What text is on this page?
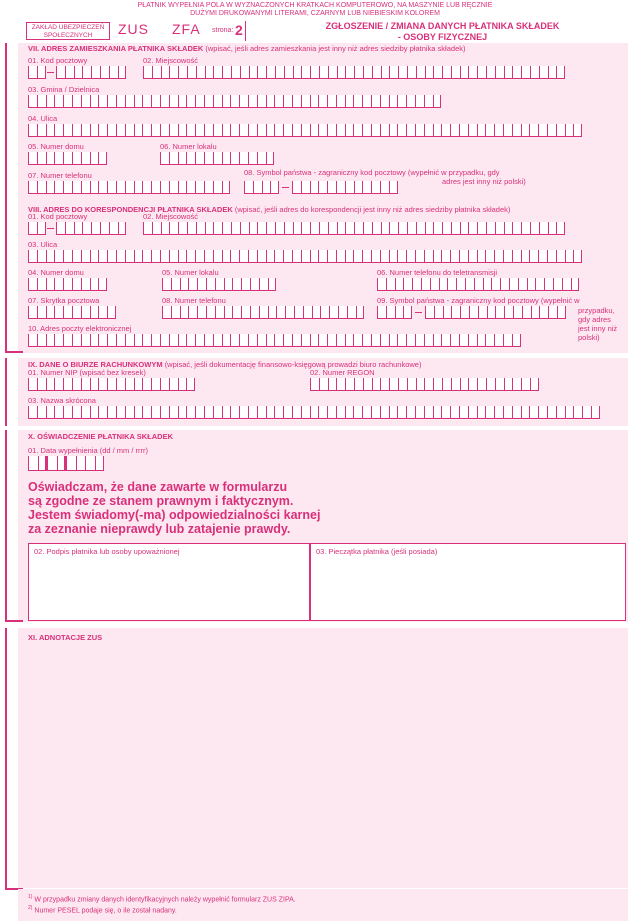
PŁATNIK WYPEŁNIA POLA W WYZNACZONYCH KRATKACH KOMPUTEROWO, NA MASZYNIE LUB RĘCZNIE
DUŻYMI DRUKOWANYMI LITERAMI, CZARNYM LUB NIEBIESKIM KOLOREM
ZAKŁAD UBEZPIECZEŃ
SPOŁECZNYCH	ZUS ZFA strona: 2	ZGŁOSZENIE / ZMIANA DANYCH PŁATNIKA SKŁADEK
- OSOBY FIZYCZNEJ
VII. ADRES ZAMIESZKANIA PŁATNIKA SKŁADEK (wpisać, jeśli adres zamieszkania jest inny niż adres siedziby płatnika składek)
01. Kod pocztowy	02. Miejscowość
03. Gmina / Dzielnica
04. Ulica
05. Numer domu	06. Numer lokalu
07. Numer telefonu	08. Symbol państwa - zagraniczny kod pocztowy (wypełnić w przypadku, gdy
adres jest inny niż polski)
VIII. ADRES DO KORESPONDENCJI PŁATNIKA SKŁADEK (wpisać, jeśli adres do korespondencji jest inny niż adres siedziby płatnika składek)
01. Kod pocztowy	02. Miejscowość
03. Ulica
04. Numer domu	05. Numer lokalu	06. Numer telefonu do teletransmisji
07. Skrytka pocztowa	08. Numer telefonu	09. Symbol państwa - zagraniczny kod pocztowy (wypełnić w
przypadku,
gdy adres
jest inny niż
polski)
10. Adres poczty elektronicznej
IX. DANE O BIURZE RACHUNKOWYM (wpisać, jeśli dokumentację finansowo-księgową prowadzi biuro rachunkowe)
01. Numer NIP (wpisać bez kresek)	02. Numer REGON
03. Nazwa skrócona
X. OŚWIADCZENIE PŁATNIKA SKŁADEK
01. Data wypełnienia (dd / mm / rrrr)
Oświadczam, że dane zawarte w formularzu
są zgodne ze stanem prawnym i faktycznym.
Jestem świadomy(-ma) odpowiedzialności karnej
za zeznanie nieprawdy lub zatajenie prawdy.
02. Podpis płatnika lub osoby upoważnionej	03. Pieczątka płatnika (jeśli posiada)
XI. ADNOTACJE ZUS
$^{1)}$ W przypadku zmiany danych identyfikacyjnych należy wypełnić formularz ZUS ZIPA.
$^{2)}$ Numer PESEL podaje się, o ile został nadany.
